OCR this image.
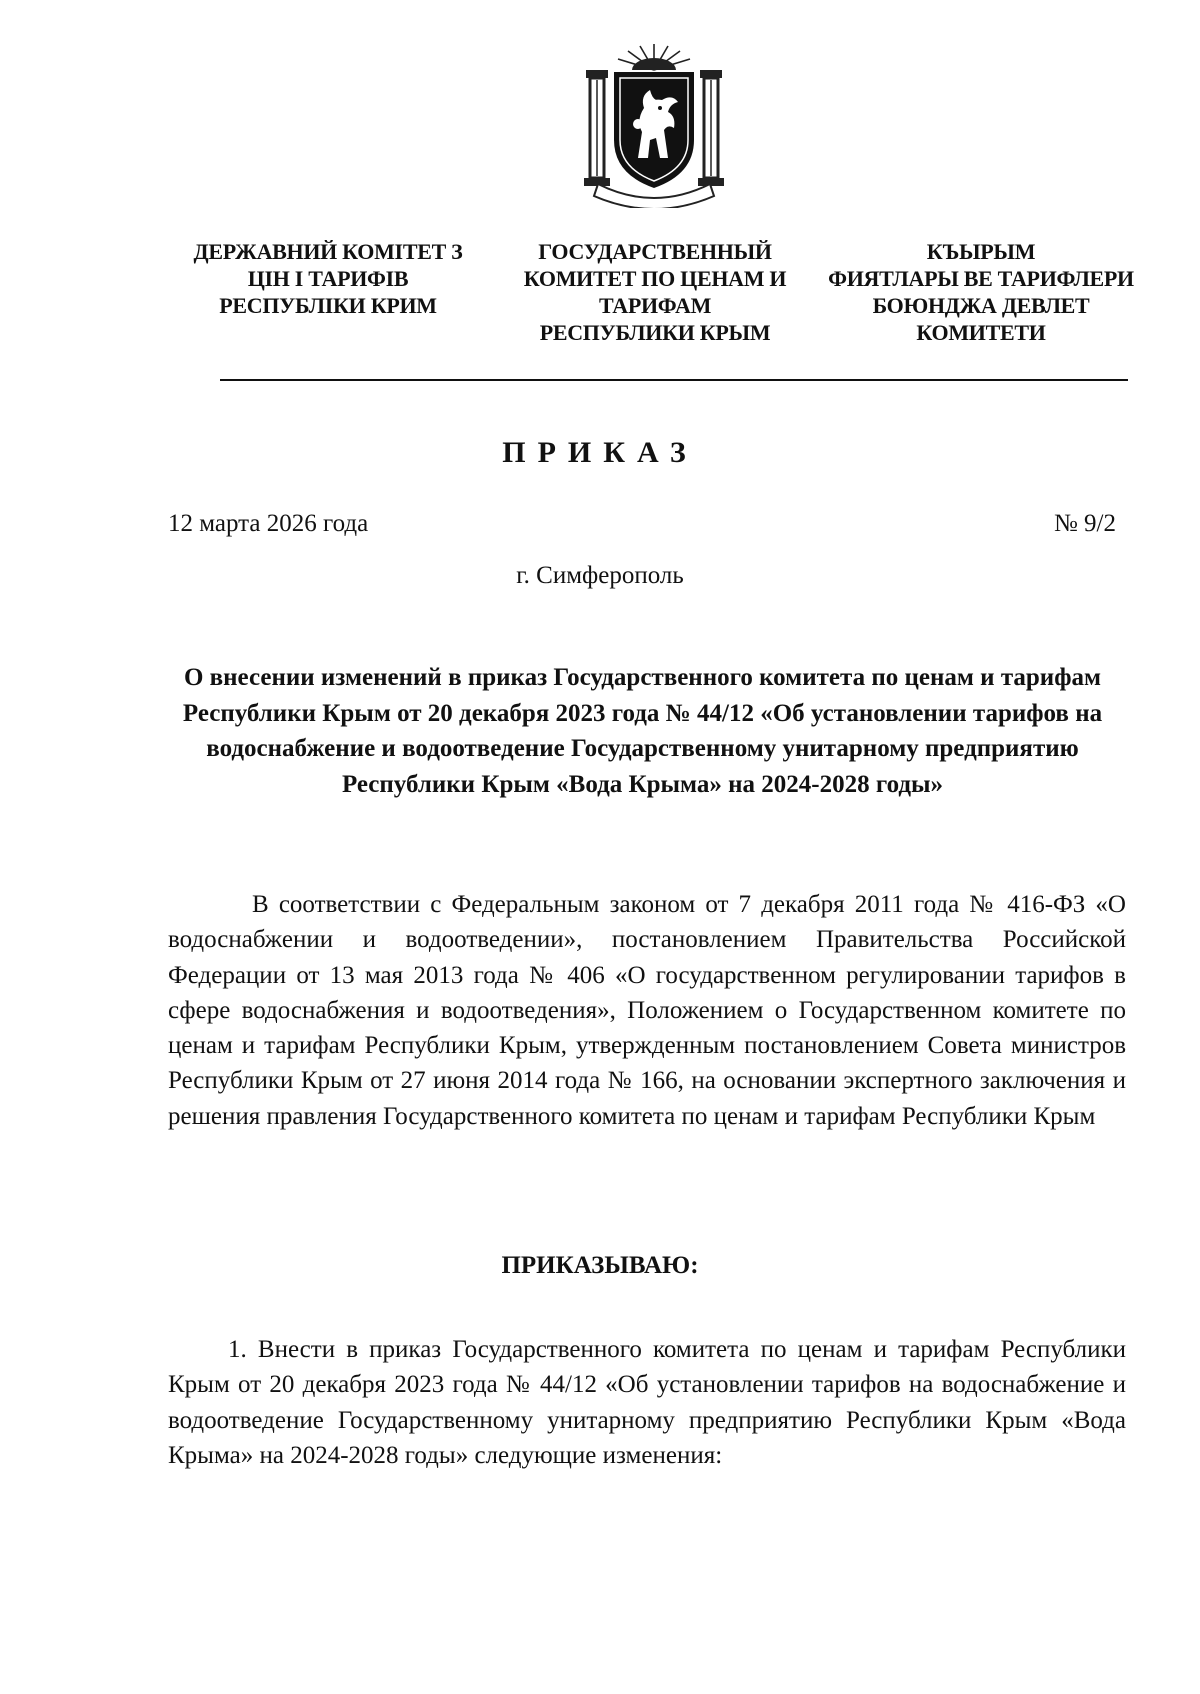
ДЕРЖАВНИЙ КОМІТЕТ З
ЦІН І ТАРИФІВ
РЕСПУБЛІКИ КРИМ
ГОСУДАРСТВЕННЫЙ
КОМИТЕТ ПО ЦЕНАМ И
ТАРИФАМ
РЕСПУБЛИКИ КРЫМ
КЪЫРЫМ
ФИЯТЛАРЫ ВЕ ТАРИФЛЕРИ
БОЮНДЖА ДЕВЛЕТ
КОМИТЕТИ
ПРИКАЗ
12 марта 2026 года	№ 9/2
г. Симферополь
О внесении изменений в приказ Государственного комитета по ценам и тарифам Республики Крым от 20 декабря 2023 года № 44/12 «Об установлении тарифов на водоснабжение и водоотведение Государственному унитарному предприятию Республики Крым «Вода Крыма» на 2024-2028 годы»

В соответствии с Федеральным законом от 7 декабря 2011 года № 416-ФЗ «О водоснабжении и водоотведении», постановлением Правительства Российской Федерации от 13 мая 2013 года № 406 «О государственном регулировании тарифов в сфере водоснабжения и водоотведения», Положением о Государственном комитете по ценам и тарифам Республики Крым, утвержденным постановлением Совета министров Республики Крым от 27 июня 2014 года № 166, на основании экспертного заключения и решения правления Государственного комитета по ценам и тарифам Республики Крым

ПРИКАЗЫВАЮ:

1. Внести в приказ Государственного комитета по ценам и тарифам Республики Крым от 20 декабря 2023 года № 44/12 «Об установлении тарифов на водоснабжение и водоотведение Государственному унитарному предприятию Республики Крым «Вода Крыма» на 2024-2028 годы» следующие изменения:
